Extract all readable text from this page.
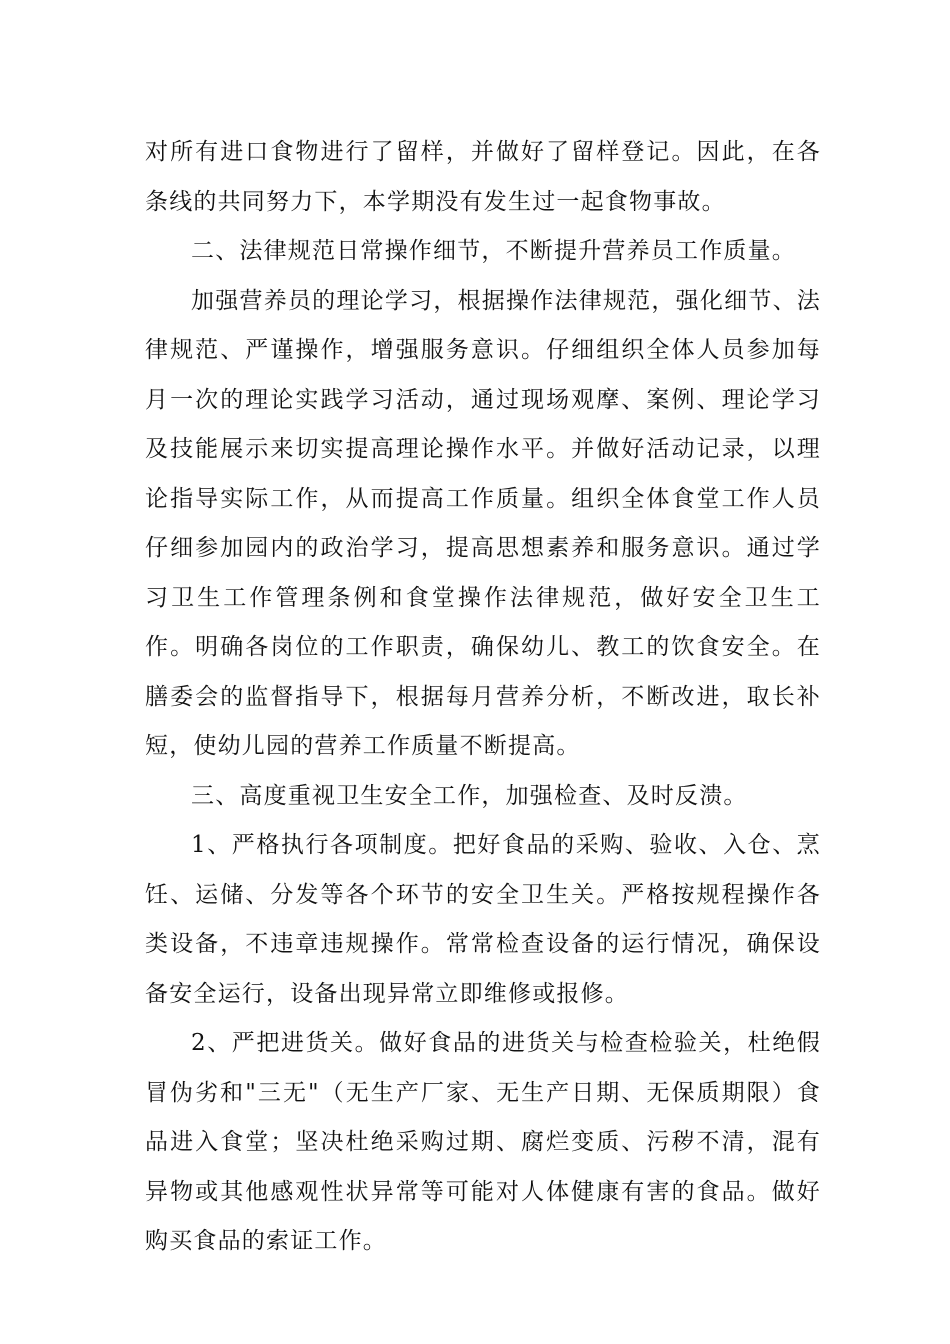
对所有进口食物进行了留样，并做好了留样登记。因此，在各条线的共同努力下，本学期没有发生过一起食物事故。

二、法律规范日常操作细节，不断提升营养员工作质量。

加强营养员的理论学习，根据操作法律规范，强化细节、法律规范、严谨操作，增强服务意识。仔细组织全体人员参加每月一次的理论实践学习活动，通过现场观摩、案例、理论学习及技能展示来切实提高理论操作水平。并做好活动记录，以理论指导实际工作，从而提高工作质量。组织全体食堂工作人员仔细参加园内的政治学习，提高思想素养和服务意识。通过学习卫生工作管理条例和食堂操作法律规范，做好安全卫生工作。明确各岗位的工作职责，确保幼儿、教工的饮食安全。在膳委会的监督指导下，根据每月营养分析，不断改进，取长补短，使幼儿园的营养工作质量不断提高。

三、高度重视卫生安全工作，加强检查、及时反溃。

1、严格执行各项制度。把好食品的采购、验收、入仓、烹饪、运储、分发等各个环节的安全卫生关。严格按规程操作各类设备，不违章违规操作。常常检查设备的运行情况，确保设备安全运行，设备出现异常立即维修或报修。

2、严把进货关。做好食品的进货关与检查检验关，杜绝假冒伪劣和"三无"（无生产厂家、无生产日期、无保质期限）食品进入食堂；坚决杜绝采购过期、腐烂变质、污秽不清，混有异物或其他感观性状异常等可能对人体健康有害的食品。做好购买食品的索证工作。
